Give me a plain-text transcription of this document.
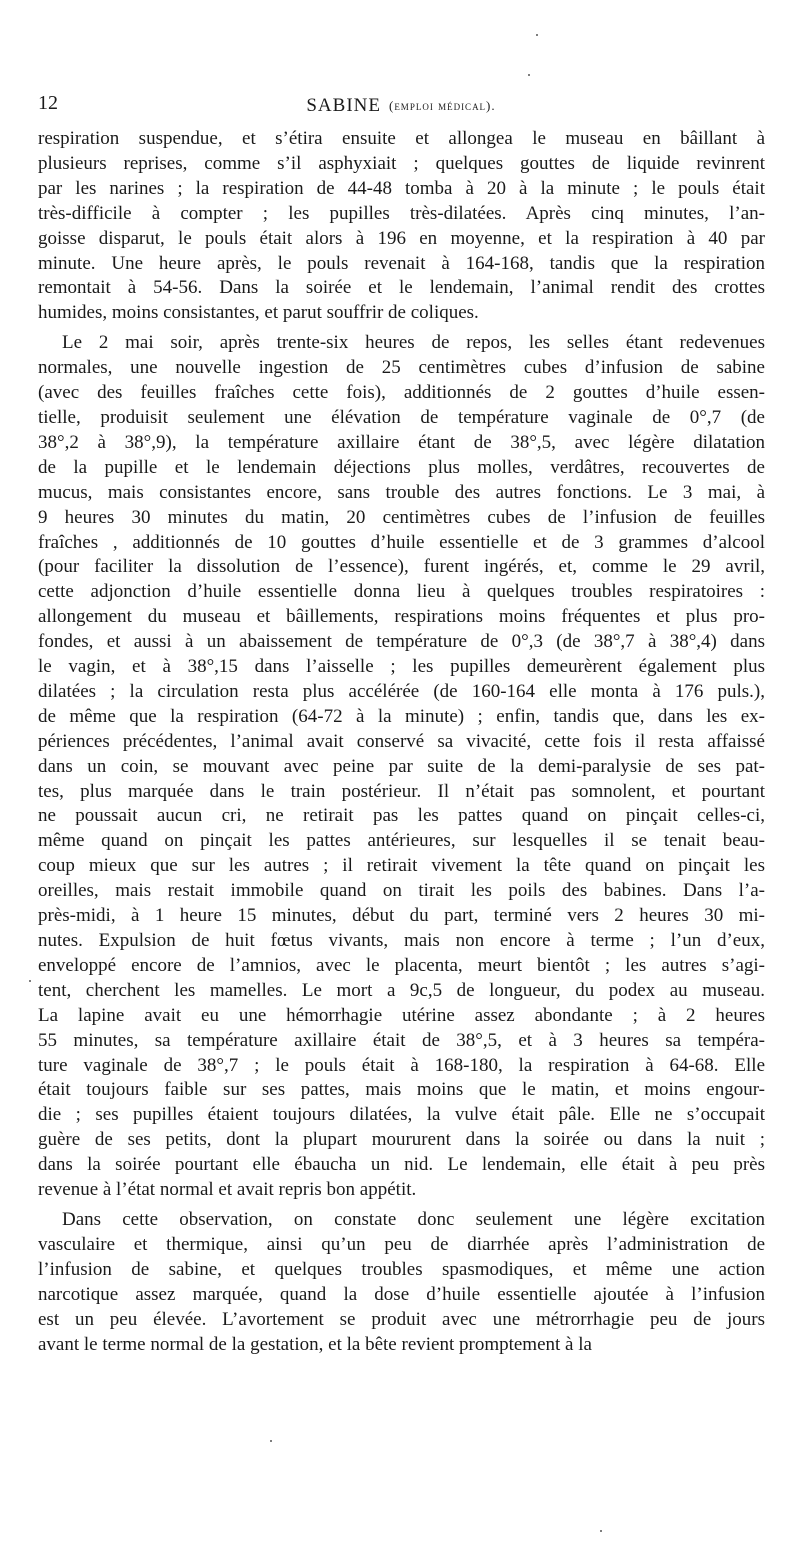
12	SABINE (emploi médical).
respiration suspendue, et s’étira ensuite et allongea le museau en bâillant à
plusieurs reprises, comme s’il asphyxiait ; quelques gouttes de liquide revinrent
par les narines ; la respiration de 44-48 tomba à 20 à la minute ; le pouls était
très-difficile à compter ; les pupilles très-dilatées. Après cinq minutes, l’an-
goisse disparut, le pouls était alors à 196 en moyenne, et la respiration à 40 par
minute. Une heure après, le pouls revenait à 164-168, tandis que la respiration
remontait à 54-56. Dans la soirée et le lendemain, l’animal rendit des crottes
humides, moins consistantes, et parut souffrir de coliques.
Le 2 mai soir, après trente-six heures de repos, les selles étant redevenues
normales, une nouvelle ingestion de 25 centimètres cubes d’infusion de sabine
(avec des feuilles fraîches cette fois), additionnés de 2 gouttes d’huile essen-
tielle, produisit seulement une élévation de température vaginale de 0°,7 (de
38°,2 à 38°,9), la température axillaire étant de 38°,5, avec légère dilatation
de la pupille et le lendemain déjections plus molles, verdâtres, recouvertes de
mucus, mais consistantes encore, sans trouble des autres fonctions. Le 3 mai, à
9 heures 30 minutes du matin, 20 centimètres cubes de l’infusion de feuilles
fraîches , additionnés de 10 gouttes d’huile essentielle et de 3 grammes d’alcool
(pour faciliter la dissolution de l’essence), furent ingérés, et, comme le 29 avril,
cette adjonction d’huile essentielle donna lieu à quelques troubles respiratoires :
allongement du museau et bâillements, respirations moins fréquentes et plus pro-
fondes, et aussi à un abaissement de température de 0°,3 (de 38°,7 à 38°,4) dans
le vagin, et à 38°,15 dans l’aisselle ; les pupilles demeurèrent également plus
dilatées ; la circulation resta plus accélérée (de 160-164 elle monta à 176 puls.),
de même que la respiration (64-72 à la minute) ; enfin, tandis que, dans les ex-
périences précédentes, l’animal avait conservé sa vivacité, cette fois il resta affaissé
dans un coin, se mouvant avec peine par suite de la demi-paralysie de ses pat-
tes, plus marquée dans le train postérieur. Il n’était pas somnolent, et pourtant
ne poussait aucun cri, ne retirait pas les pattes quand on pinçait celles-ci,
même quand on pinçait les pattes antérieures, sur lesquelles il se tenait beau-
coup mieux que sur les autres ; il retirait vivement la tête quand on pinçait les
oreilles, mais restait immobile quand on tirait les poils des babines. Dans l’a-
près-midi, à 1 heure 15 minutes, début du part, terminé vers 2 heures 30 mi-
nutes. Expulsion de huit fœtus vivants, mais non encore à terme ; l’un d’eux,
enveloppé encore de l’amnios, avec le placenta, meurt bientôt ; les autres s’agi-
tent, cherchent les mamelles. Le mort a 9c,5 de longueur, du podex au museau.
La lapine avait eu une hémorrhagie utérine assez abondante ; à 2 heures
55 minutes, sa température axillaire était de 38°,5, et à 3 heures sa tempéra-
ture vaginale de 38°,7 ; le pouls était à 168-180, la respiration à 64-68. Elle
était toujours faible sur ses pattes, mais moins que le matin, et moins engour-
die ; ses pupilles étaient toujours dilatées, la vulve était pâle. Elle ne s’occupait
guère de ses petits, dont la plupart moururent dans la soirée ou dans la nuit ;
dans la soirée pourtant elle ébaucha un nid. Le lendemain, elle était à peu près
revenue à l’état normal et avait repris bon appétit.
Dans cette observation, on constate donc seulement une légère excitation
vasculaire et thermique, ainsi qu’un peu de diarrhée après l’administration de
l’infusion de sabine, et quelques troubles spasmodiques, et même une action
narcotique assez marquée, quand la dose d’huile essentielle ajoutée à l’infusion
est un peu élevée. L’avortement se produit avec une métrorrhagie peu de jours
avant le terme normal de la gestation, et la bête revient promptement à la
